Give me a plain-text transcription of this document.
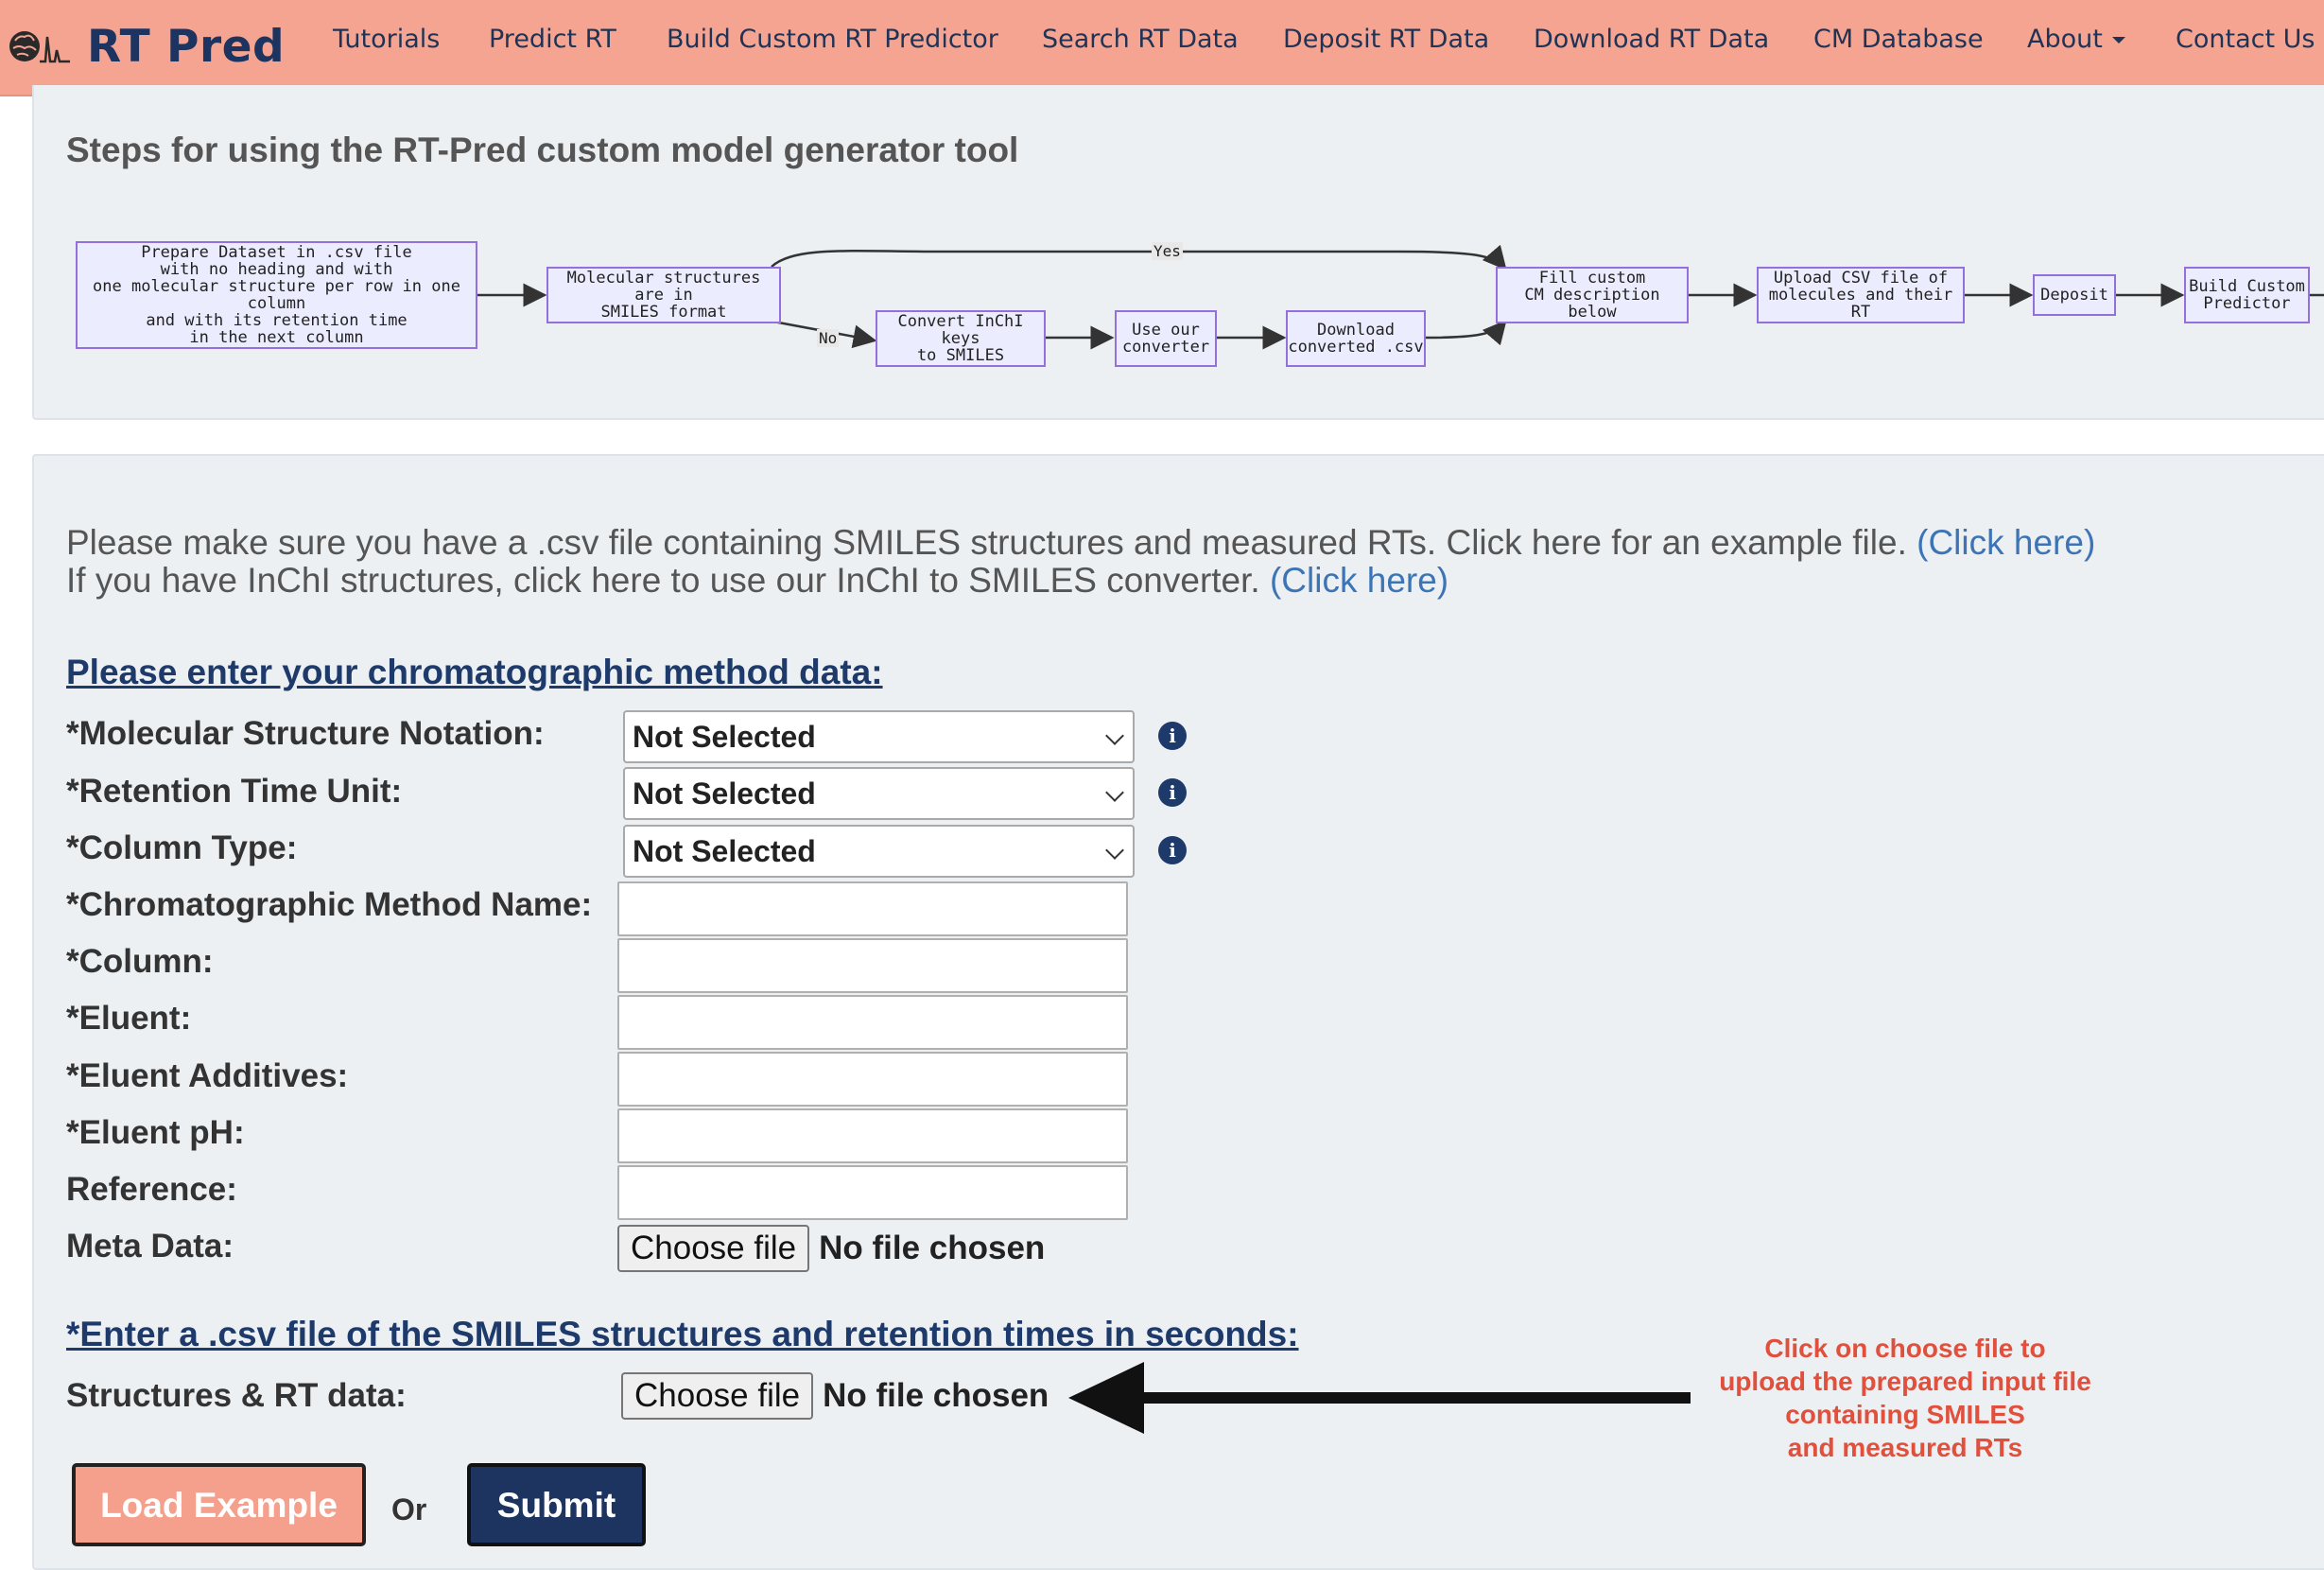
RT Pred Tutorials Predict RT Build Custom RT Predictor Search RT Data Deposit RT Data Download RT Data CM Database About	Contact Us
Steps for using the RT-Pred custom model generator tool
Yes
No
Prepare Dataset in .csv file
with no heading and with
one molecular structure per row in one column
and with its retention time
in the next column
Molecular structures are in
SMILES format	Convert InChI keys
to SMILES
Use our
converter
Download
converted .csv
Fill custom
CM description below
Upload CSV file of
molecules and their RT
Deposit	Build Custom
Predictor
Please make sure you have a .csv file containing SMILES structures and measured RTs. Click here for an example file. (Click here)
If you have InChI structures, click here to use our InChI to SMILES converter. (Click here)
Please enter your chromatographic method data:
*Molecular Structure Notation:	Not Selected	i
*Retention Time Unit:	Not Selected	i
*Column Type:	Not Selected	i
*Chromatographic Method Name:
*Column:
*Eluent:
*Eluent Additives:
*Eluent pH:
Reference:
Meta Data:	Choose file No file chosen
*Enter a .csv file of the SMILES structures and retention times in seconds:
Structures & RT data:	Choose file No file chosen
Click on choose file to
upload the prepared input file
containing SMILES
and measured RTs
Load Example	Or	Submit
